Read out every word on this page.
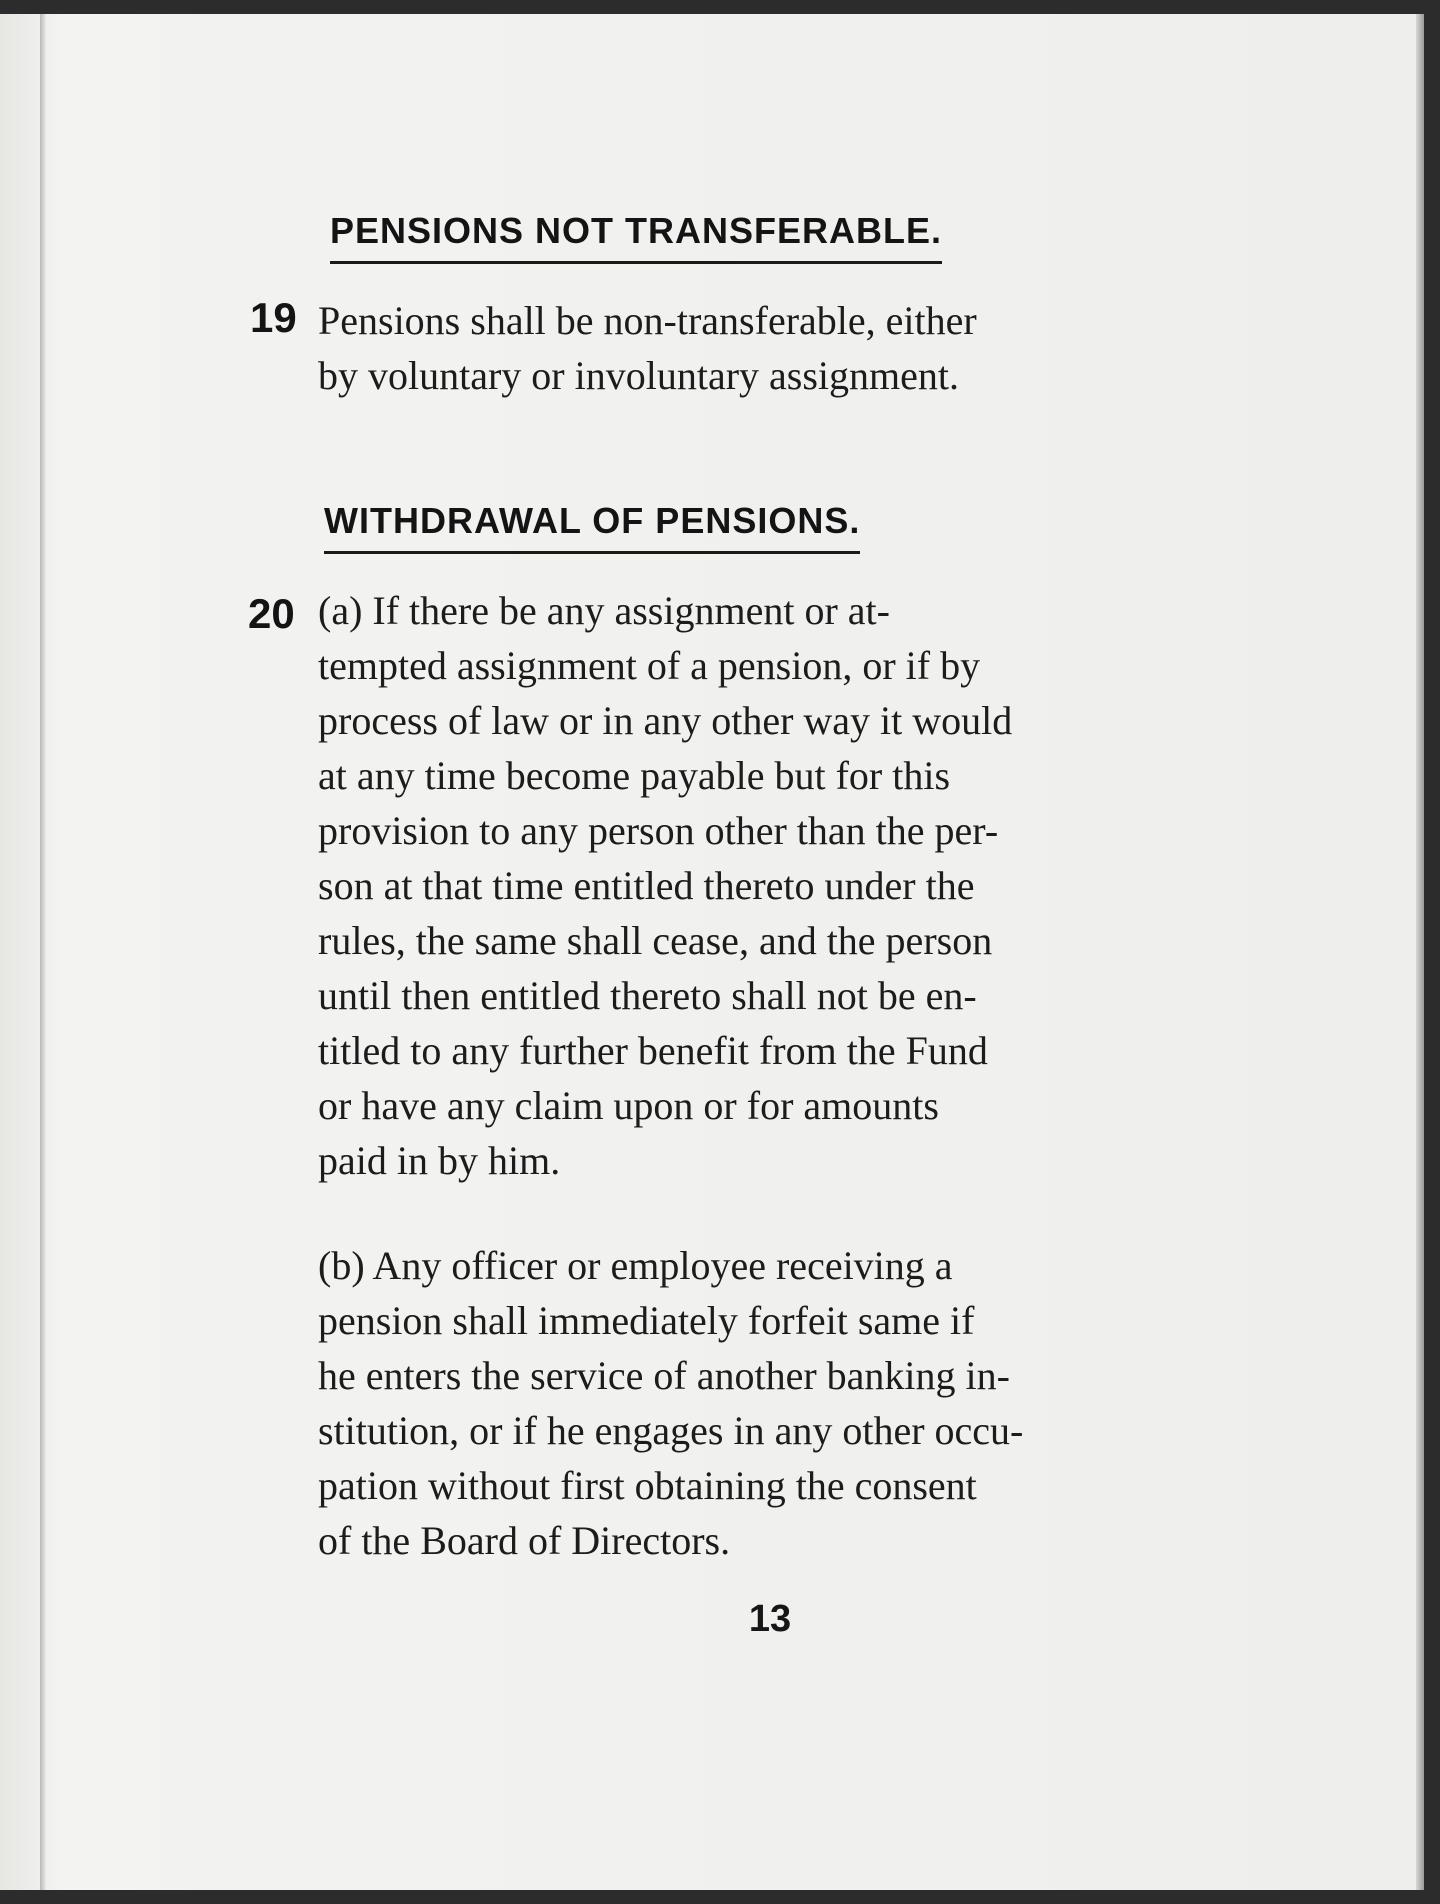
PENSIONS NOT TRANSFERABLE.
19 Pensions shall be non-transferable, either
by voluntary or involuntary assignment.
WITHDRAWAL OF PENSIONS.
20 (a) If there be any assignment or at-
tempted assignment of a pension, or if by
process of law or in any other way it would
at any time become payable but for this
provision to any person other than the per-
son at that time entitled thereto under the
rules, the same shall cease, and the person
until then entitled thereto shall not be en-
titled to any further benefit from the Fund
or have any claim upon or for amounts
paid in by him.
(b) Any officer or employee receiving a
pension shall immediately forfeit same if
he enters the service of another banking in-
stitution, or if he engages in any other occu-
pation without first obtaining the consent
of the Board of Directors.
13
